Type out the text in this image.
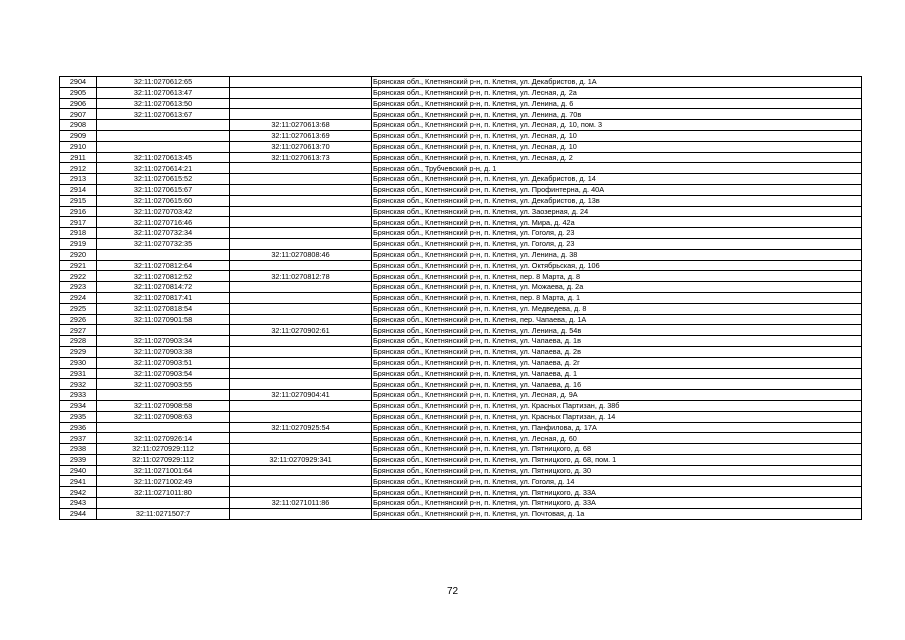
2904	32:11:0270612:65		Брянская обл., Клетнянский р-н, п. Клетня, ул. Декабристов, д. 1А
2905	32:11:0270613:47		Брянская обл., Клетнянский р-н, п. Клетня, ул. Лесная, д. 2а
2906	32:11:0270613:50		Брянская обл., Клетнянский р-н, п. Клетня, ул. Ленина, д. 6
2907	32:11:0270613:67		Брянская обл., Клетнянский р-н, п. Клетня, ул. Ленина, д. 70в
2908		32:11:0270613:68	Брянская обл., Клетнянский р-н, п. Клетня, ул. Лесная, д. 10, пом. 3
2909		32:11:0270613:69	Брянская обл., Клетнянский р-н, п. Клетня, ул. Лесная, д. 10
2910		32:11:0270613:70	Брянская обл., Клетнянский р-н, п. Клетня, ул. Лесная, д. 10
2911	32:11:0270613:45	32:11:0270613:73	Брянская обл., Клетнянский р-н, п. Клетня, ул. Лесная, д. 2
2912	32:11:0270614:21		Брянская обл., Трубчевский р-н, д. 1
2913	32:11:0270615:52		Брянская обл., Клетнянский р-н, п. Клетня, ул. Декабристов, д. 14
2914	32:11:0270615:67		Брянская обл., Клетнянский р-н, п. Клетня, ул. Профинтерна, д. 40А
2915	32:11:0270615:60		Брянская обл., Клетнянский р-н, п. Клетня, ул. Декабристов, д. 13в
2916	32:11:0270703:42		Брянская обл., Клетнянский р-н, п. Клетня, ул. Заозерная, д. 24
2917	32:11:0270716:46		Брянская обл., Клетнянский р-н, п. Клетня, ул. Мира, д. 42а
2918	32:11:0270732:34		Брянская обл., Клетнянский р-н, п. Клетня, ул. Гоголя, д. 23
2919	32:11:0270732:35		Брянская обл., Клетнянский р-н, п. Клетня, ул. Гоголя, д. 23
2920		32:11:0270808:46	Брянская обл., Клетнянский р-н, п. Клетня, ул. Ленина, д. 38
2921	32:11:0270812:64		Брянская обл., Клетнянский р-н, п. Клетня, ул. Октябрьская, д. 106
2922	32:11:0270812:52	32:11:0270812:78	Брянская обл., Клетнянский р-н, п. Клетня, пер. 8 Марта, д. 8
2923	32:11:0270814:72		Брянская обл., Клетнянский р-н, п. Клетня, ул. Можаева, д. 2а
2924	32:11:0270817:41		Брянская обл., Клетнянский р-н, п. Клетня, пер. 8 Марта, д. 1
2925	32:11:0270818:54		Брянская обл., Клетнянский р-н, п. Клетня, ул. Медведева, д. 8
2926	32:11:0270901:58		Брянская обл., Клетнянский р-н, п. Клетня, пер. Чапаева, д. 1А
2927		32:11:0270902:61	Брянская обл., Клетнянский р-н, п. Клетня, ул. Ленина, д. 54в
2928	32:11:0270903:34		Брянская обл., Клетнянский р-н, п. Клетня, ул. Чапаева, д. 1в
2929	32:11:0270903:38		Брянская обл., Клетнянский р-н, п. Клетня, ул. Чапаева, д. 2в
2930	32:11:0270903:51		Брянская обл., Клетнянский р-н, п. Клетня, ул. Чапаева, д. 2г
2931	32:11:0270903:54		Брянская обл., Клетнянский р-н, п. Клетня, ул. Чапаева, д. 1
2932	32:11:0270903:55		Брянская обл., Клетнянский р-н, п. Клетня, ул. Чапаева, д. 16
2933		32:11:0270904:41	Брянская обл., Клетнянский р-н, п. Клетня, ул. Лесная, д. 9А
2934	32:11:0270908:58		Брянская обл., Клетнянский р-н, п. Клетня, ул. Красных Партизан, д. 38б
2935	32:11:0270908:63		Брянская обл., Клетнянский р-н, п. Клетня, ул. Красных Партизан, д. 14
2936		32:11:0270925:54	Брянская обл., Клетнянский р-н, п. Клетня, ул. Панфилова, д. 17А
2937	32:11:0270926:14		Брянская обл., Клетнянский р-н, п. Клетня, ул. Лесная, д. 60
2938	32:11:0270929:112		Брянская обл., Клетнянский р-н, п. Клетня, ул. Пятницкого, д. 68
2939	32:11:0270929:112	32:11:0270929:341	Брянская обл., Клетнянский р-н, п. Клетня, ул. Пятницкого, д. 68, пом. 1
2940	32:11:0271001:64		Брянская обл., Клетнянский р-н, п. Клетня, ул. Пятницкого, д. 30
2941	32:11:0271002:49		Брянская обл., Клетнянский р-н, п. Клетня, ул. Гоголя, д. 14
2942	32:11:0271011:80		Брянская обл., Клетнянский р-н, п. Клетня, ул. Пятницкого, д. 33А
2943		32:11:0271011:86	Брянская обл., Клетнянский р-н, п. Клетня, ул. Пятницкого, д. 33А
2944	32:11:0271507:7		Брянская обл., Клетнянский р-н, п. Клетня, ул. Почтовая, д. 1а
72
